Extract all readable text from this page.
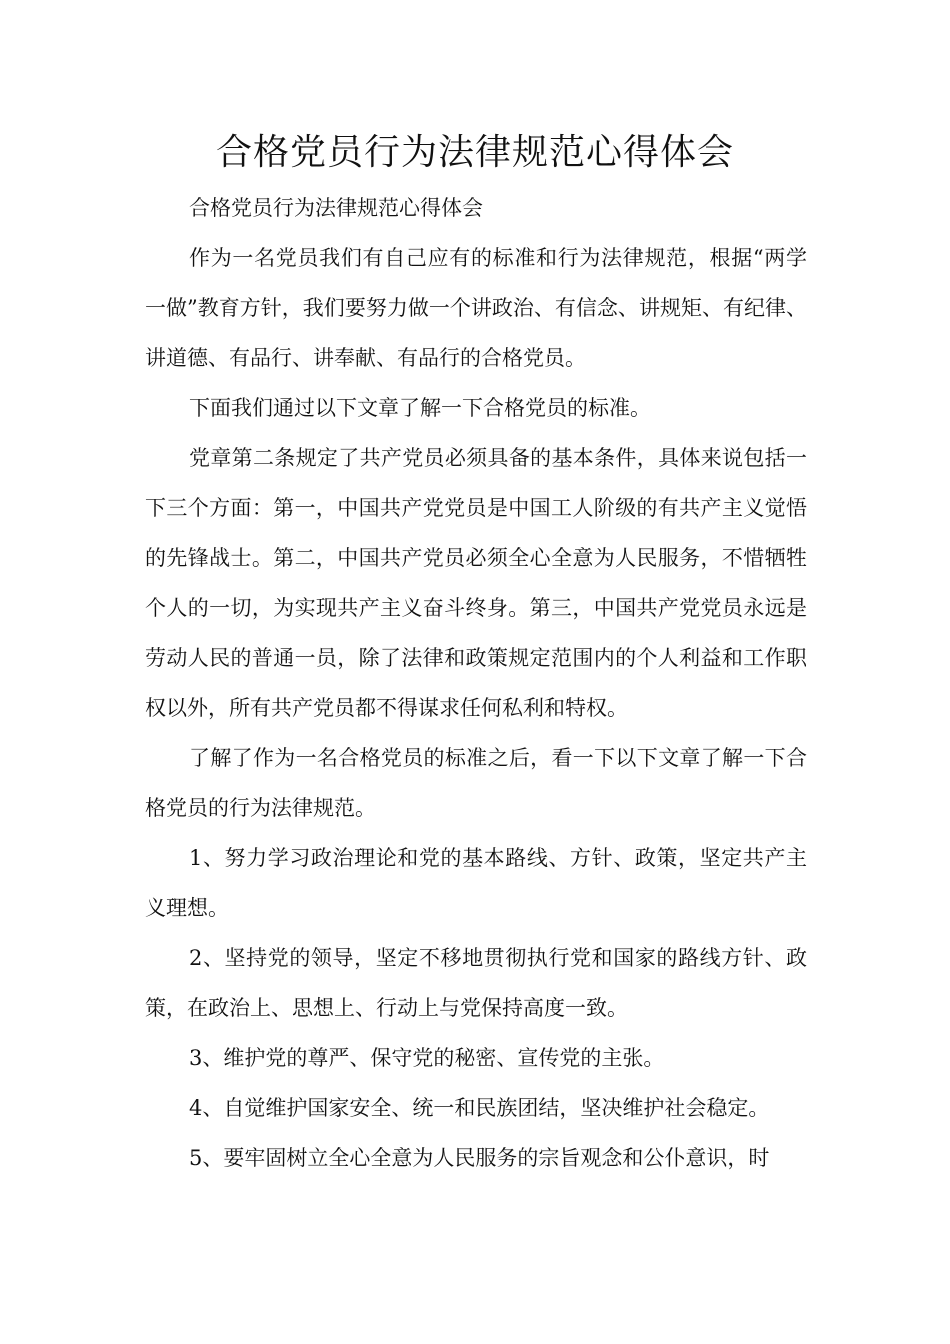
合格党员行为法律规范心得体会

合格党员行为法律规范心得体会

作为一名党员我们有自己应有的标准和行为法律规范，根据“两学一做”教育方针，我们要努力做一个讲政治、有信念、讲规矩、有纪律、讲道德、有品行、讲奉献、有品行的合格党员。

下面我们通过以下文章了解一下合格党员的标准。

党章第二条规定了共产党员必须具备的基本条件，具体来说包括一下三个方面：第一，中国共产党党员是中国工人阶级的有共产主义觉悟的先锋战士。第二，中国共产党员必须全心全意为人民服务，不惜牺牲个人的一切，为实现共产主义奋斗终身。第三，中国共产党党员永远是劳动人民的普通一员，除了法律和政策规定范围内的个人利益和工作职权以外，所有共产党员都不得谋求任何私利和特权。

了解了作为一名合格党员的标准之后，看一下以下文章了解一下合格党员的行为法律规范。

1、努力学习政治理论和党的基本路线、方针、政策，坚定共产主义理想。

2、坚持党的领导，坚定不移地贯彻执行党和国家的路线方针、政策，在政治上、思想上、行动上与党保持高度一致。

3、维护党的尊严、保守党的秘密、宣传党的主张。

4、自觉维护国家安全、统一和民族团结，坚决维护社会稳定。

5、要牢固树立全心全意为人民服务的宗旨观念和公仆意识，时
